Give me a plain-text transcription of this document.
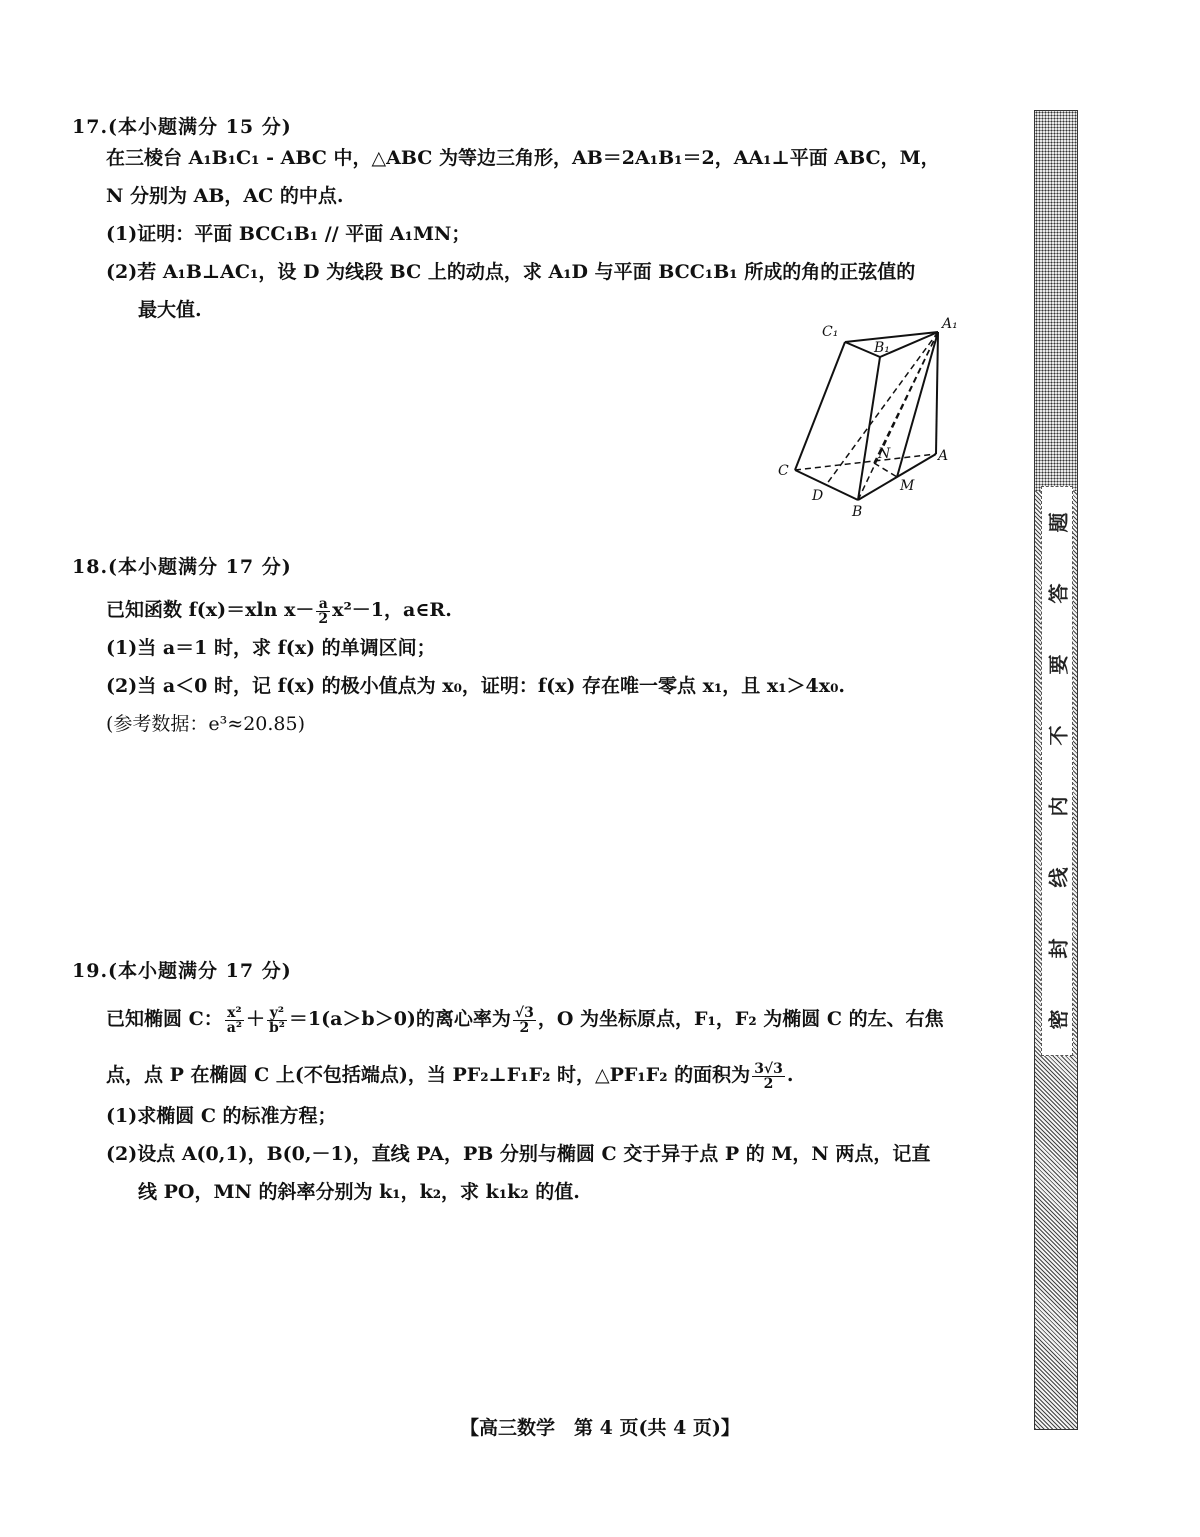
17.(本小题满分 15 分)
在三棱台 A₁B₁C₁ - ABC 中，△ABC 为等边三角形，AB＝2A₁B₁＝2，AA₁⊥平面 ABC，M，
N 分别为 AB，AC 的中点.
(1)证明：平面 BCC₁B₁ // 平面 A₁MN；
(2)若 A₁B⊥AC₁，设 D 为线段 BC 上的动点，求 A₁D 与平面 BCC₁B₁ 所成的角的正弦值的
最大值.
C₁
B₁
A₁
C
N	A
D
M
B
18.(本小题满分 17 分)
已知函数 f(x)＝xln $x- \frac{a}{2} x^2-1$，a∈R.
(1)当 a＝1 时，求 f(x) 的单调区间；
(2)当 a＜0 时，记 f(x) 的极小值点为 x₀，证明：f(x) 存在唯一零点 x₁，且 x₁＞4x₀.
(参考数据：e³≈20.85)
19.(本小题满分 17 分)
已知椭圆 C： $\frac{\text{x²}}{\text{a²}} + \frac{\text{y²}}{\text{b²}} =1(a>b>0)$的离心率为 $\frac{√3}{2}$ ，O 为坐标原点，F₁，F₂ 为椭圆 C 的左、右焦
点，点 P 在椭圆 C 上(不包括端点)，当 PF₂⊥F₁F₂ 时，△PF₁F₂ 的面积为 $\frac{3√3}{2}$ .
(1)求椭圆 C 的标准方程；
(2)设点 A(0,1)，B(0,－1)，直线 PA，PB 分别与椭圆 C 交于异于点 P 的 M，N 两点，记直
线 PO，MN 的斜率分别为 k₁，k₂，求 k₁k₂ 的值.
题
答
要
不
内
线
封
密
【高三数学　第 4 页(共 4 页)】
